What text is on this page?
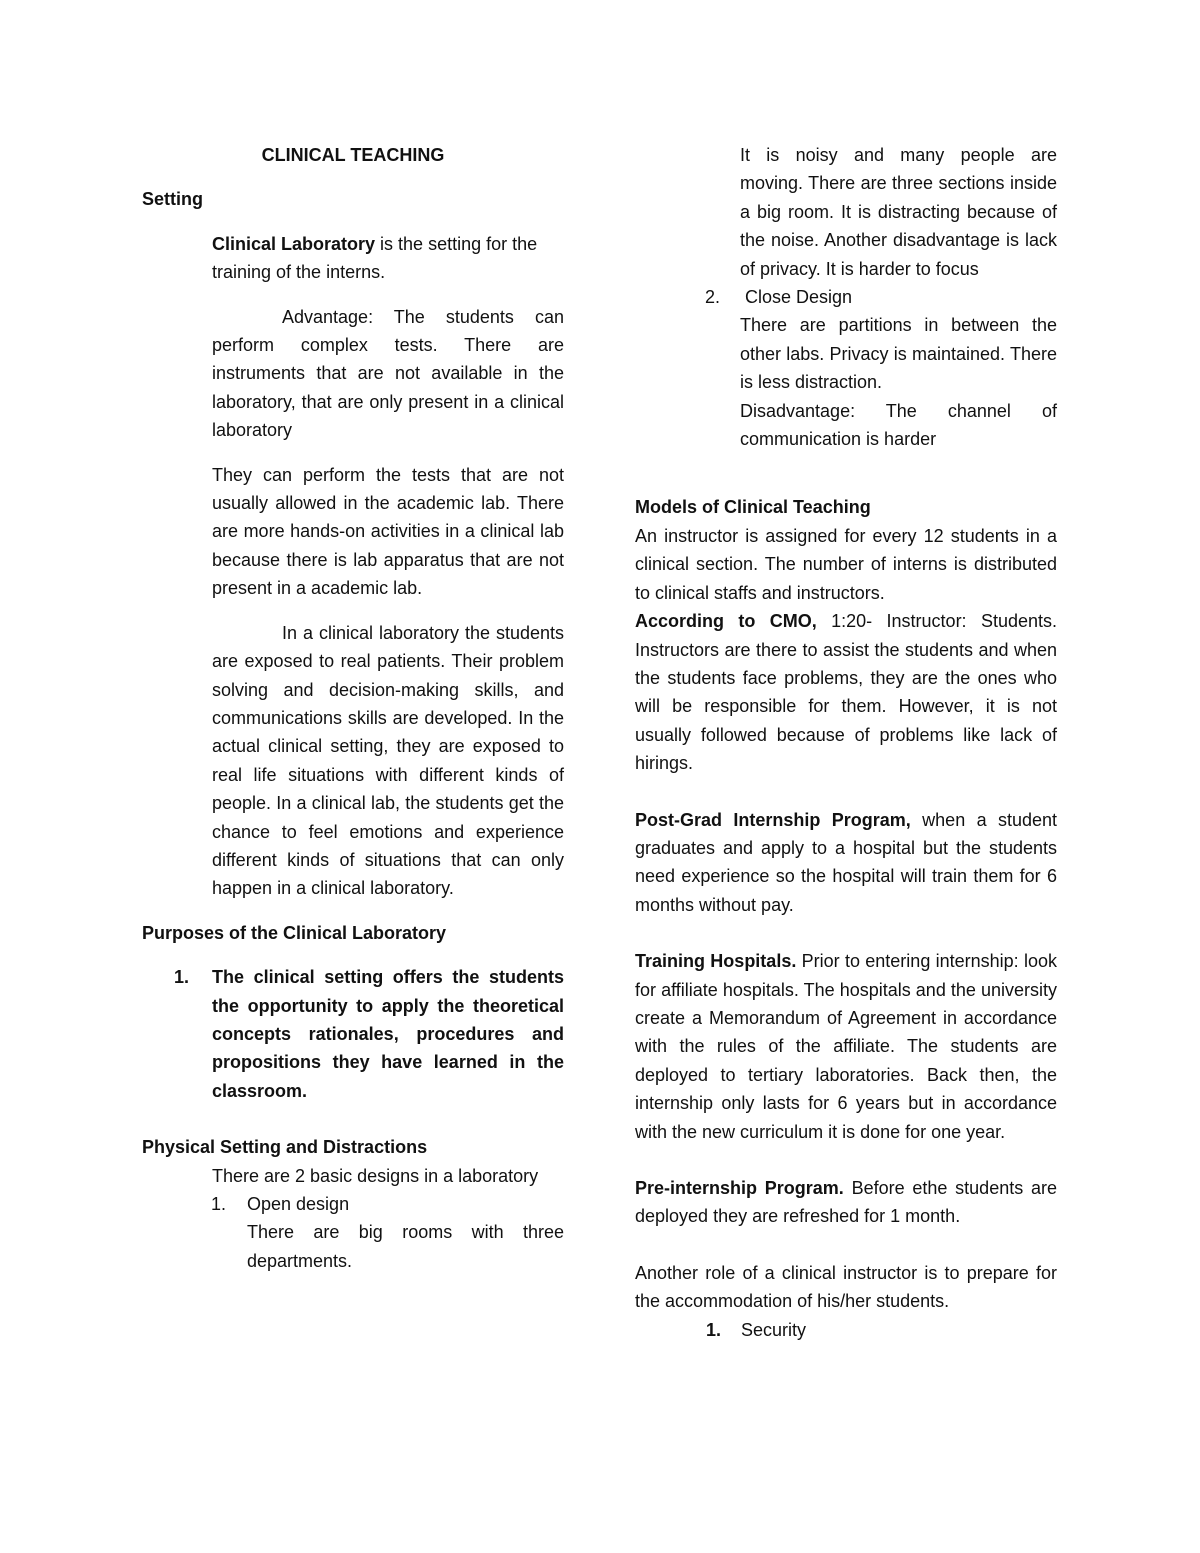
CLINICAL TEACHING

Setting

Clinical Laboratory is the setting for the training of the interns.

Advantage: The students can perform complex tests. There are instruments that are not available in the laboratory, that are only present in a clinical laboratory

They can perform the tests that are not usually allowed in the academic lab. There are more hands-on activities in a clinical lab because there is lab apparatus that are not present in a academic lab.

In a clinical laboratory the students are exposed to real patients. Their problem solving and decision-making skills, and communications skills are developed. In the actual clinical setting, they are exposed to real life situations with different kinds of people. In a clinical lab, the students get the chance to feel emotions and experience different kinds of situations that can only happen in a clinical laboratory.

Purposes of the Clinical Laboratory

1. The clinical setting offers the students the opportunity to apply the theoretical concepts rationales, procedures and propositions they have learned in the classroom.

Physical Setting and Distractions

There are 2 basic designs in a laboratory

1. Open design

There are big rooms with three departments.

It is noisy and many people are moving. There are three sections inside a big room. It is distracting because of the noise. Another disadvantage is lack of privacy. It is harder to focus

2. Close Design

There are partitions in between the other labs. Privacy is maintained. There is less distraction.

Disadvantage: The channel of communication is harder

Models of Clinical Teaching

An instructor is assigned for every 12 students in a clinical section. The number of interns is distributed to clinical staffs and instructors.

According to CMO, 1:20- Instructor: Students. Instructors are there to assist the students and when the students face problems, they are the ones who will be responsible for them. However, it is not usually followed because of problems like lack of hirings.

Post-Grad Internship Program, when a student graduates and apply to a hospital but the students need experience so the hospital will train them for 6 months without pay.

Training Hospitals. Prior to entering internship: look for affiliate hospitals. The hospitals and the university create a Memorandum of Agreement in accordance with the rules of the affiliate. The students are deployed to tertiary laboratories. Back then, the internship only lasts for 6 years but in accordance with the new curriculum it is done for one year.

Pre-internship Program. Before ethe students are deployed they are refreshed for 1 month.

Another role of a clinical instructor is to prepare for the accommodation of his/her students.

1. Security
